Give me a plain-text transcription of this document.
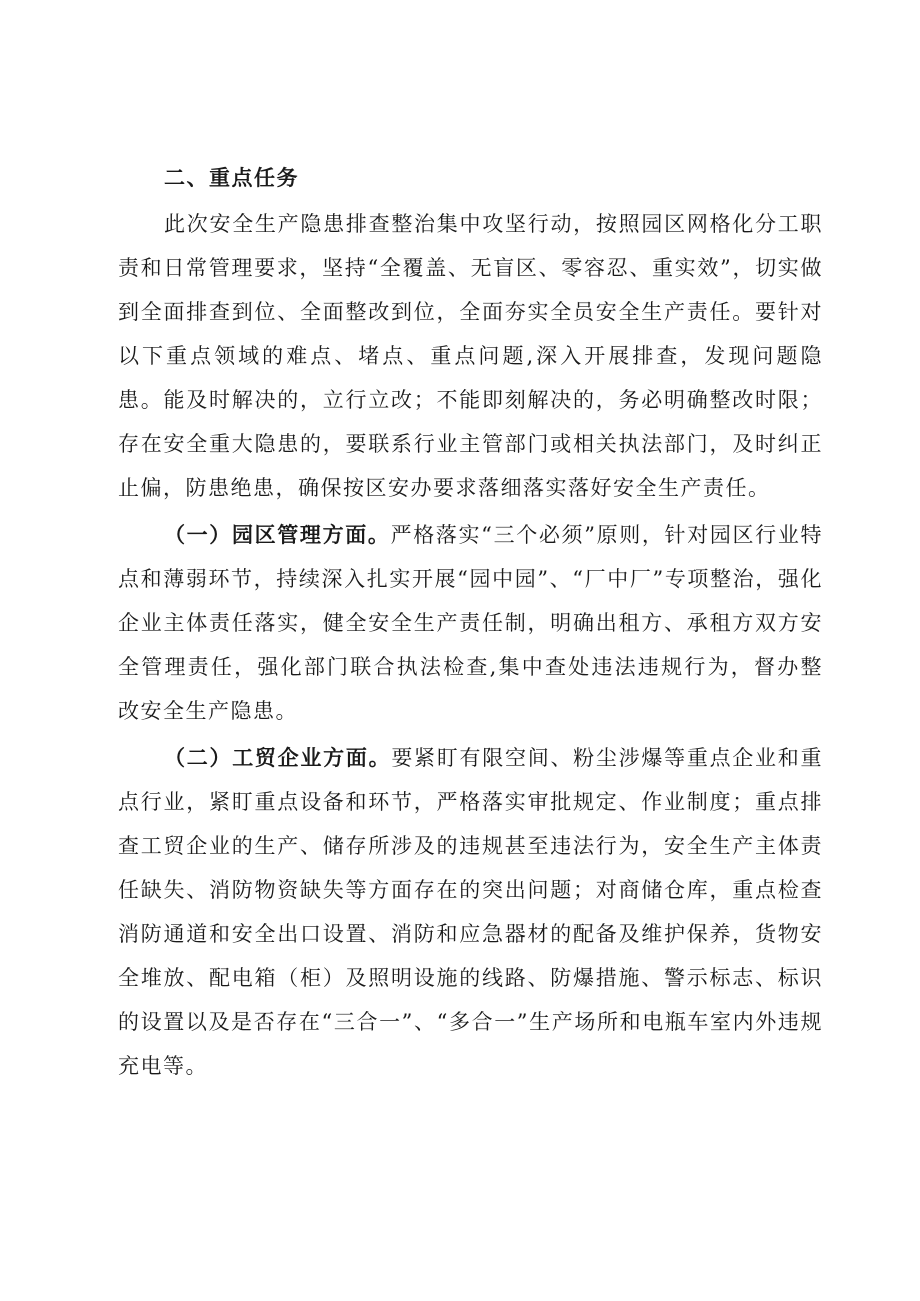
二、重点任务

此次安全生产隐患排查整治集中攻坚行动，按照园区网格化分工职责和日常管理要求，坚持“全覆盖、无盲区、零容忍、重实效”，切实做到全面排查到位、全面整改到位，全面夯实全员安全生产责任。要针对以下重点领域的难点、堵点、重点问题,深入开展排查，发现问题隐患。能及时解决的，立行立改；不能即刻解决的，务必明确整改时限；存在安全重大隐患的，要联系行业主管部门或相关执法部门，及时纠正止偏，防患绝患，确保按区安办要求落细落实落好安全生产责任。

（一）园区管理方面。严格落实“三个必须”原则，针对园区行业特点和薄弱环节，持续深入扎实开展“园中园”、“厂中厂”专项整治，强化企业主体责任落实，健全安全生产责任制，明确出租方、承租方双方安全管理责任，强化部门联合执法检查,集中查处违法违规行为，督办整改安全生产隐患。

（二）工贸企业方面。要紧盯有限空间、粉尘涉爆等重点企业和重点行业，紧盯重点设备和环节，严格落实审批规定、作业制度；重点排查工贸企业的生产、储存所涉及的违规甚至违法行为，安全生产主体责任缺失、消防物资缺失等方面存在的突出问题；对商储仓库，重点检查消防通道和安全出口设置、消防和应急器材的配备及维护保养，货物安全堆放、配电箱（柜）及照明设施的线路、防爆措施、警示标志、标识的设置以及是否存在“三合一”、“多合一”生产场所和电瓶车室内外违规充电等。
